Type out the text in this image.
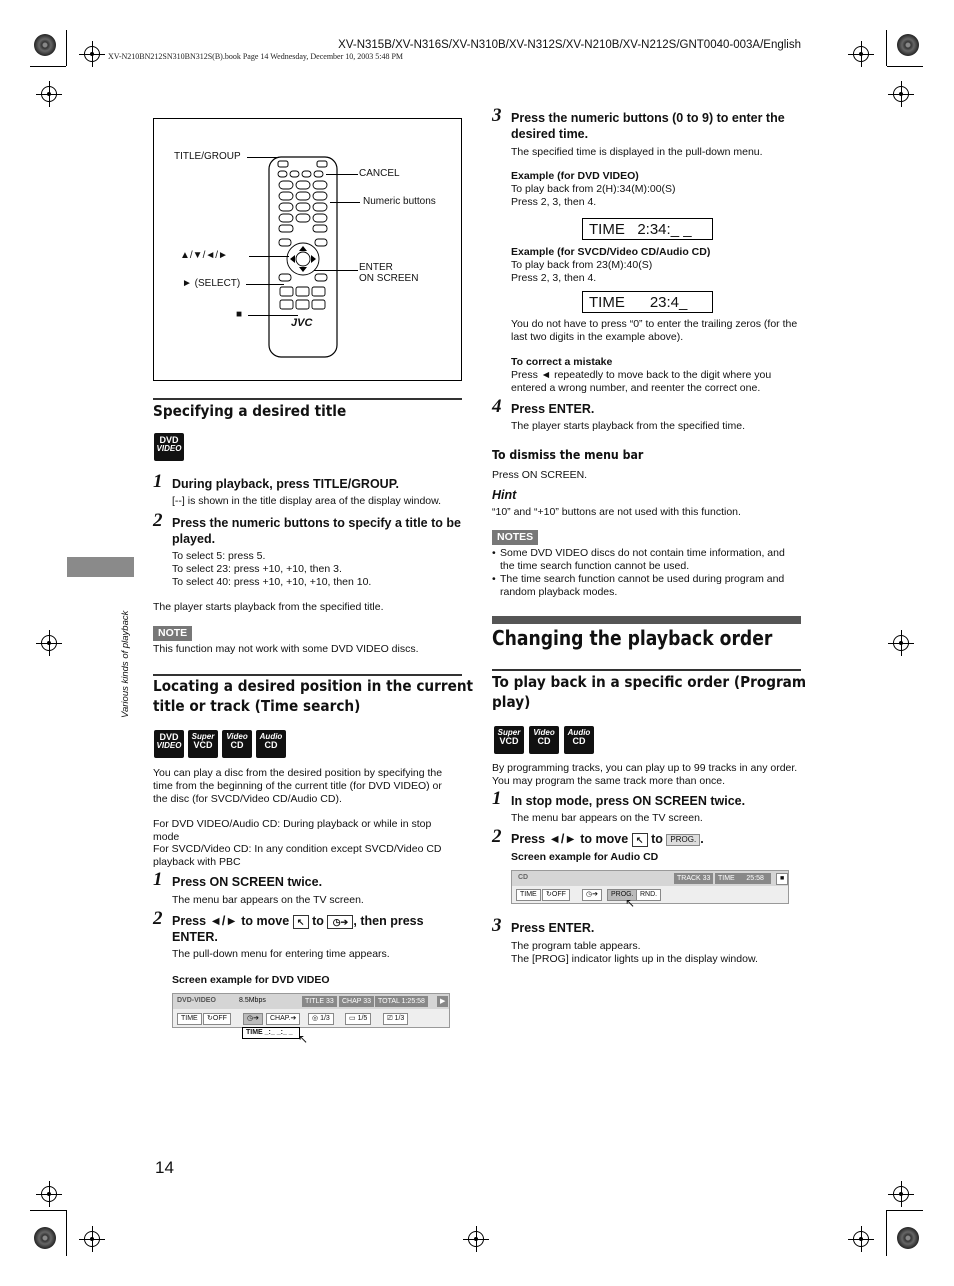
XV-N315B/XV-N316S/XV-N310B/XV-N312S/XV-N210B/XV-N212S/GNT0040-003A/English
XV-N210BN212SN310BN312S(B).book Page 14 Wednesday, December 10, 2003 5:48 PM
Various kinds of playback
TITLE/GROUP
CANCEL
Numeric buttons
▲/▼/◄/►
ENTER
ON SCREEN
► (SELECT)
■
JVC
Specifying a desired title
DVD
VIDEO
1 During playback, press TITLE/GROUP.
[--] is shown in the title display area of the display window.
2 Press the numeric buttons to specify a title to be played.
To select 5: press 5.
To select 23: press +10, +10, then 3.
To select 40: press +10, +10, +10, then 10.
The player starts playback from the specified title.
NOTE
This function may not work with some DVD VIDEO discs.
Locating a desired position in the current
title or track (Time search)
DVD
VIDEO
Super
VCD
Video
CD
Audio
CD
You can play a disc from the desired position by specifying the time from the beginning of the current title (for DVD VIDEO) or the disc (for SVCD/Video CD/Audio CD).
For DVD VIDEO/Audio CD: During playback or while in stop mode
For SVCD/Video CD: In any condition except SVCD/Video CD playback with PBC
1 Press ON SCREEN twice.
The menu bar appears on the TV screen.
2 Press ◄/► to move ↖ to ◷➔ , then press ENTER.
The pull-down menu for entering time appears.
Screen example for DVD VIDEO
DVD-VIDEO	8.5Mbps	TITLE 33	CHAP 33 TOTAL 1:25:58	▶
TIME	↻OFF	◷➔	CHAP.➔	◎ 1/3	▭ 1/5	⎚ 1/3
TIME _:_ _:_ _ ↖
3 Press the numeric buttons (0 to 9) to enter the desired time.
The specified time is displayed in the pull-down menu.
Example (for DVD VIDEO)
To play back from 2(H):34(M):00(S)
Press 2, 3, then 4.
TIME   2:34:_ _
Example (for SVCD/Video CD/Audio CD)
To play back from 23(M):40(S)
Press 2, 3, then 4.
TIME      23:4_
You do not have to press “0” to enter the trailing zeros (for the last two digits in the example above).
To correct a mistake
Press ◄ repeatedly to move back to the digit where you entered a wrong number, and reenter the correct one.
4 Press ENTER.
The player starts playback from the specified time.
To dismiss the menu bar
Press ON SCREEN.
Hint
“10” and “+10” buttons are not used with this function.
NOTES
• Some DVD VIDEO discs do not contain time information, and the time search function cannot be used.
• The time search function cannot be used during program and random playback modes.
Changing the playback order
To play back in a specific order (Program
play)
Super
VCD
Video
CD
Audio
CD
By programming tracks, you can play up to 99 tracks in any order. You may program the same track more than once.
1 In stop mode, press ON SCREEN twice.
The menu bar appears on the TV screen.
2 Press ◄/► to move ↖ to PROG. .
Screen example for Audio CD
CD	TRACK 33	TIME 25:58	■
TIME	↻OFF	◷➔	PROG. RND.
↖
3 Press ENTER.
The program table appears.
The [PROG] indicator lights up in the display window.
14
